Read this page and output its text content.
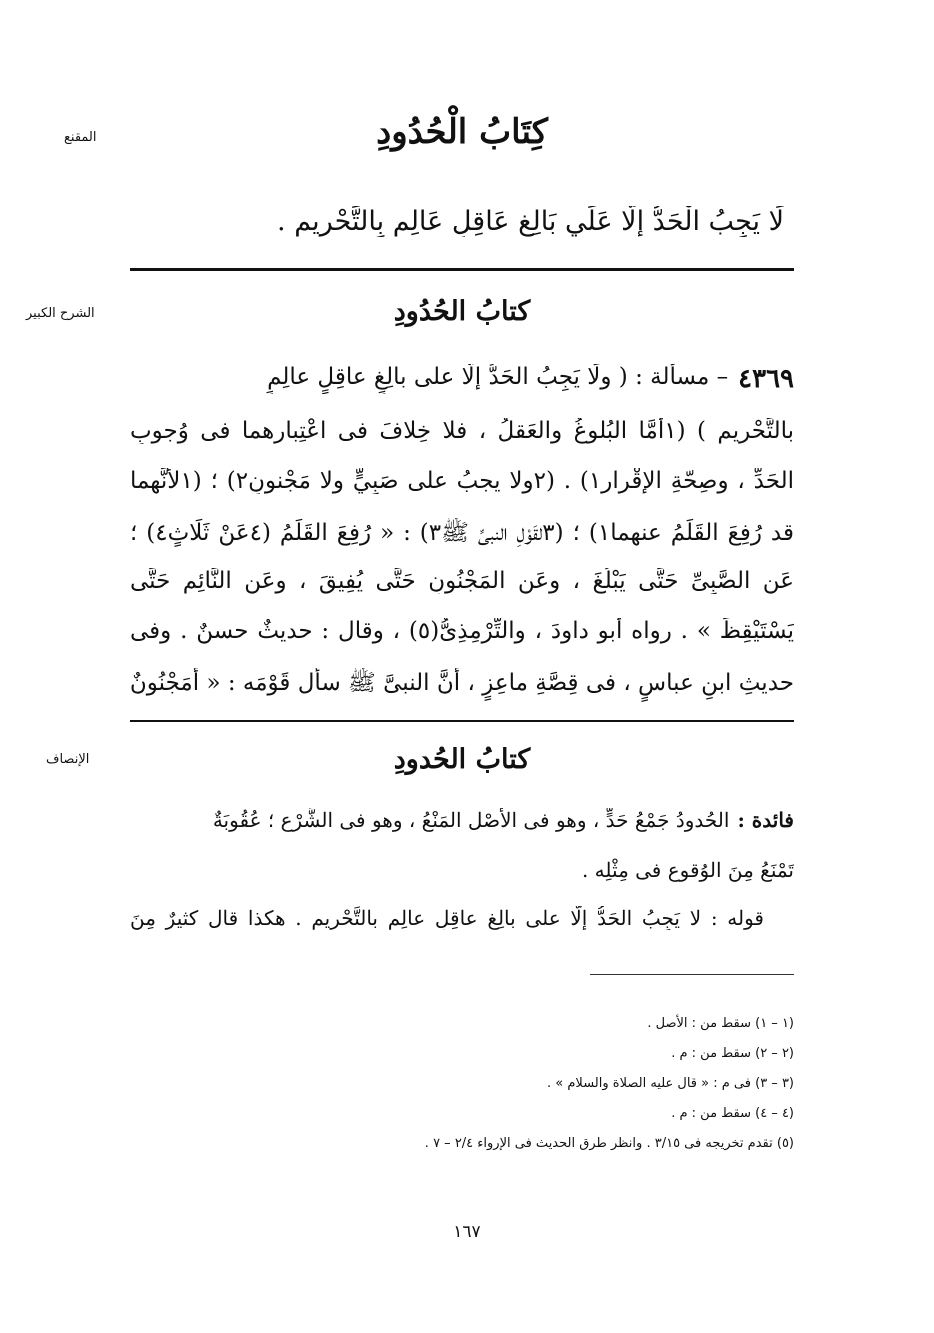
المقنع
الشرح الكبير
الإنصاف
كِتَابُ الْحُدُودِ
لَا يَجِبُ الْحَدُّ إِلَّا عَلَي بَالِغٍ عَاقِلٍ عَالِمٍ بِالتَّحْرِيمِ .
كتابُ الحُدُودِ
٤٣٦٩
– مسألة : ( ولَا يَجِبُ الحَدُّ إلَّا على بالِغٍ عاقِلٍ عالِمٍ
بالتَّحْرِيم ) (١أمَّا البُلوغُ والعَقلُ ، فلا خِلافَ فى اعْتِبارِهما فى وُجوبِ
الحَدِّ ، وصِحّةِ الإِقْرارِ١) . (٢ولا يجبُ على صَبِيٍّ ولا مَجْنونٍ٢) ؛ (١لأنَّهما
قد رُفِعَ القَلَمُ عنهما١) ؛ (٣لقَوْلِ النبىِّ ﷺ٣) : « رُفِعَ القَلَمُ (٤عَنْ ثَلَاثٍ٤) ؛
عَنِ الصَّبِىِّ حَتَّى يَبْلُغَ ، وعَنِ المَجْنُونِ حَتَّى يُفِيقَ ، وعَنِ النَّائِمِ حَتَّى
يَسْتَيْقِظَ » . رواه أبو داودَ ، والتِّرْمِذِىُّ(٥) ، وقال : حديثٌ حسنٌ . وفى
حديثِ ابنِ عباسٍ ، فى قِصَّةِ ماعِزٍ ، أنَّ النبىَّ ﷺ سأل قَوْمَه : « أمَجْنُونٌ
كتابُ الحُدودِ
فائدة :
الحُدودُ جَمْعُ حَدٍّ ، وهو فى الأصْلِ المَنْعُ ، وهو فى الشَّرْعِ ؛ عُقُوبَةٌ
تَمْنَعُ مِنَ الوُقوعِ فى مِثْلِه .
قوله : لا يَجِبُ الحَدُّ إلَّا على بالِغٍ عاقِلٍ عالِمٍ بالتَّحْرِيمِ . هكذا قال كثيرٌ مِنَ
(١ – ١) سقط من : الأصل .
(٢ – ٢) سقط من : م .
(٣ – ٣) فى م : « قال عليه الصلاة والسلام » .
(٤ – ٤) سقط من : م .
(٥) تقدم تخريجه فى ٣/١٥ . وانظر طرق الحديث فى الإرواء ٢/٤ – ٧ .
١٦٧
